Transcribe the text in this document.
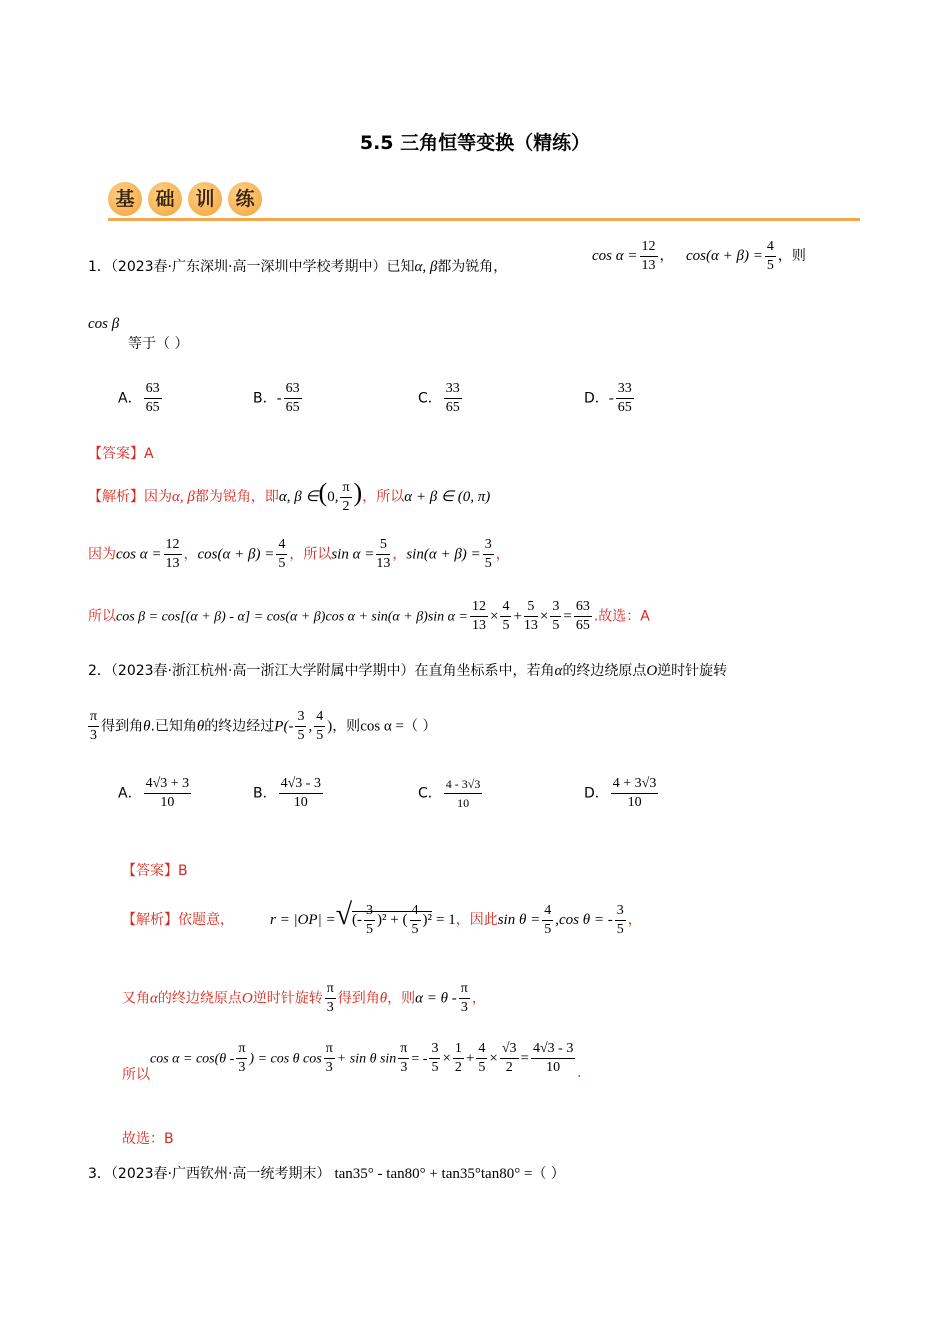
5.5 三角恒等变换（精练）
基 础 训 练
1．（2023春·广东深圳·高一深圳中学校考期中）已知α, β都为锐角，
$\cos \alpha = \frac{12}{13}$ ， $\cos(\alpha + \beta) = \frac{4}{5}$ ，则
cos β
等于（ ）
A． $\frac{63}{65}$	B．- $\frac{63}{65}$	C． $\frac{33}{65}$	D．- $\frac{33}{65}$
【答案】A
【解析】因为α, β都为锐角，即α, β ∈(0, $\frac{\pi}{2}$ )，所以α + β ∈ (0, π)
因为$\cos \alpha = \frac{12}{13}$ ，$\cos(\alpha + \beta) = \frac{4}{5}$ ，所以$\sin \alpha = \frac{5}{13}$ ，$\sin(\alpha + \beta) = \frac{3}{5}$ ，
所以cos β = cos[(α + β) - α] = cos(α + β)cos α + sin(α + β)sin $\alpha = \frac{12}{13} \times \frac{4}{5} + \frac{5}{13} \times \frac{3}{5} = \frac{63}{65}$ .故选：A
2．（2023春·浙江杭州·高一浙江大学附属中学期中）在直角坐标系中，若角α的终边绕原点O逆时针旋转
$\frac{\pi}{3}$ 得到角θ.已知角θ的终边经过$P(- \frac{3}{5}$ , $\frac{4}{5}$ )，则cos α =（ ）
A． $\frac{4√3 + 3}{10}$	B． $\frac{4√3 - 3}{10}$	C． $\frac{4 - 3√3}{10}$	D． $\frac{4 + 3√3}{10}$
【答案】B
【解析】依题意， r = |OP| =√(- $\frac{3}{5} )^2$ + ( $\frac{4}{5} )^2 = 1$，因此$\sin \theta = \frac{4}{5} ,\cos$ θ = - $\frac{3}{5}$ ，
又角α的终边绕原点O逆时针旋转 $\frac{\pi}{3}$ 得到角θ，则$\alpha = \theta - \frac{\pi}{3}$ ，
所以$\cos \alpha = \cos(\theta - \frac{\pi}{3}$ ) = cos θ $\cos \frac{\pi}{3} + \sin \theta$ $\sin \frac{\pi}{3}$ = - $\frac{3}{5} \times \frac{1}{2} + \frac{4}{5} \times \frac{√3}{2} = \frac{4√3 - 3}{10}$ .
故选：B
3．（2023春·广西钦州·高一统考期末） tan35° - tan80° + tan35°tan80° =（ ）
